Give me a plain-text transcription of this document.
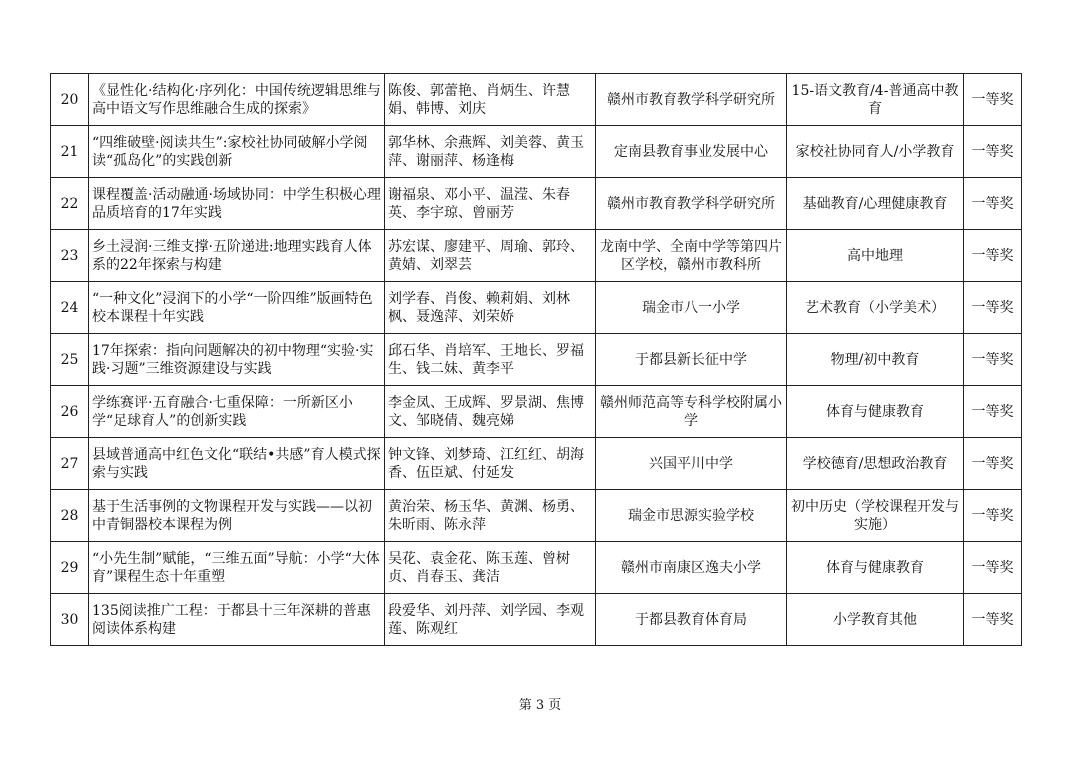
20	《显性化·结构化·序列化：中国传统逻辑思维与高中语文写作思维融合生成的探索》	陈俊、郭蕾艳、肖炳生、许慧娟、韩博、刘庆	赣州市教育教学科学研究所	15-语文教育/4-普通高中教育	一等奖
21	“四维破壁·阅读共生”:家校社协同破解小学阅读“孤岛化”的实践创新	郭华林、余燕辉、刘美蓉、黄玉萍、谢丽萍、杨逢梅	定南县教育事业发展中心	家校社协同育人/小学教育	一等奖
22	课程覆盖·活动融通·场域协同：中学生积极心理品质培育的17年实践	谢福泉、邓小平、温滢、朱春英、李宇琼、曾丽芳	赣州市教育教学科学研究所	基础教育/心理健康教育	一等奖
23	乡土浸润·三维支撑·五阶递进:地理实践育人体系的22年探索与构建	苏宏谋、廖建平、周瑜、郭玲、黄婧、刘翠芸	龙南中学、全南中学等第四片区学校，赣州市教科所	高中地理	一等奖
24	“一种文化”浸润下的小学“一阶四维”版画特色校本课程十年实践	刘学春、肖俊、赖莉娟、刘林枫、聂逸萍、刘荣娇	瑞金市八一小学	艺术教育（小学美术）	一等奖
25	17年探索：指向问题解决的初中物理“实验·实践·习题”三维资源建设与实践	邱石华、肖培军、王地长、罗福生、钱二妹、黄李平	于都县新长征中学	物理/初中教育	一等奖
26	学练赛评·五育融合·七重保障：一所新区小学“足球育人”的创新实践	李金凤、王成辉、罗景湖、焦博文、邹晓倩、魏亮娣	赣州师范高等专科学校附属小学	体育与健康教育	一等奖
27	县域普通高中红色文化“联结•共感”育人模式探索与实践	钟文锋、刘梦琦、江红红、胡海香、伍臣斌、付延发	兴国平川中学	学校德育/思想政治教育	一等奖
28	基于生活事例的文物课程开发与实践——以初中青铜器校本课程为例	黄治荣、杨玉华、黄渊、杨勇、朱昕雨、陈永萍	瑞金市思源实验学校	初中历史（学校课程开发与实施）	一等奖
29	“小先生制”赋能，“三维五面”导航：小学“大体育”课程生态十年重塑	吴花、袁金花、陈玉莲、曾树贞、肖春玉、龚洁	赣州市南康区逸夫小学	体育与健康教育	一等奖
30	135阅读推广工程：于都县十三年深耕的普惠阅读体系构建	段爱华、刘丹萍、刘学园、李观莲、陈观红	于都县教育体育局	小学教育其他	一等奖
第 3 页
